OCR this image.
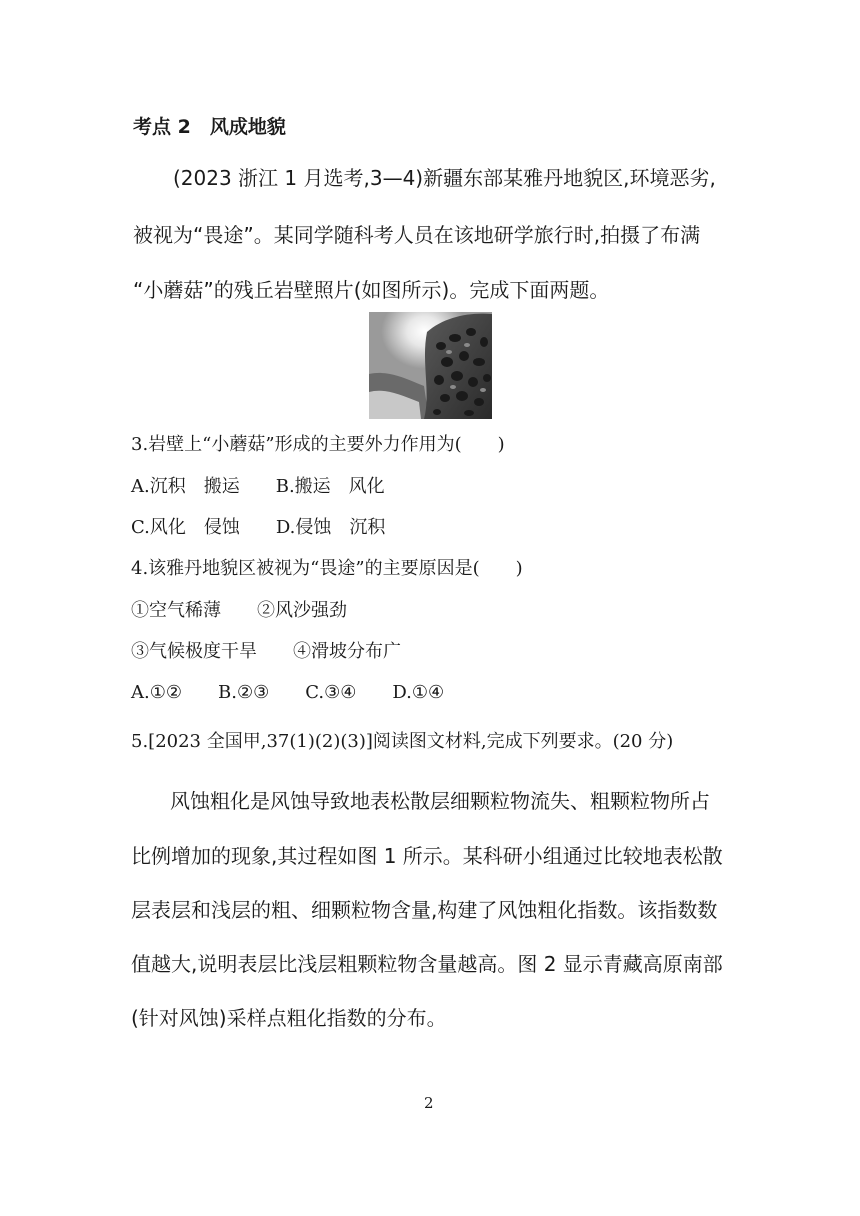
考点 2　风成地貌
(2023 浙江 1 月选考,3—4)新疆东部某雅丹地貌区,环境恶劣,
被视为“畏途”。某同学随科考人员在该地研学旅行时,拍摄了布满
“小蘑菇”的残丘岩壁照片(如图所示)。完成下面两题。
3.岩壁上“小蘑菇”形成的主要外力作用为(　　)
A.沉积　搬运　　B.搬运　风化
C.风化　侵蚀　　D.侵蚀　沉积
4.该雅丹地貌区被视为“畏途”的主要原因是(　　)
①空气稀薄　　②风沙强劲
③气候极度干旱　　④滑坡分布广
A.①②　　B.②③　　C.③④　　D.①④
5.[2023 全国甲,37(1)(2)(3)]阅读图文材料,完成下列要求。(20 分)
风蚀粗化是风蚀导致地表松散层细颗粒物流失、粗颗粒物所占
比例增加的现象,其过程如图 1 所示。某科研小组通过比较地表松散
层表层和浅层的粗、细颗粒物含量,构建了风蚀粗化指数。该指数数
值越大,说明表层比浅层粗颗粒物含量越高。图 2 显示青藏高原南部
(针对风蚀)采样点粗化指数的分布。
2
